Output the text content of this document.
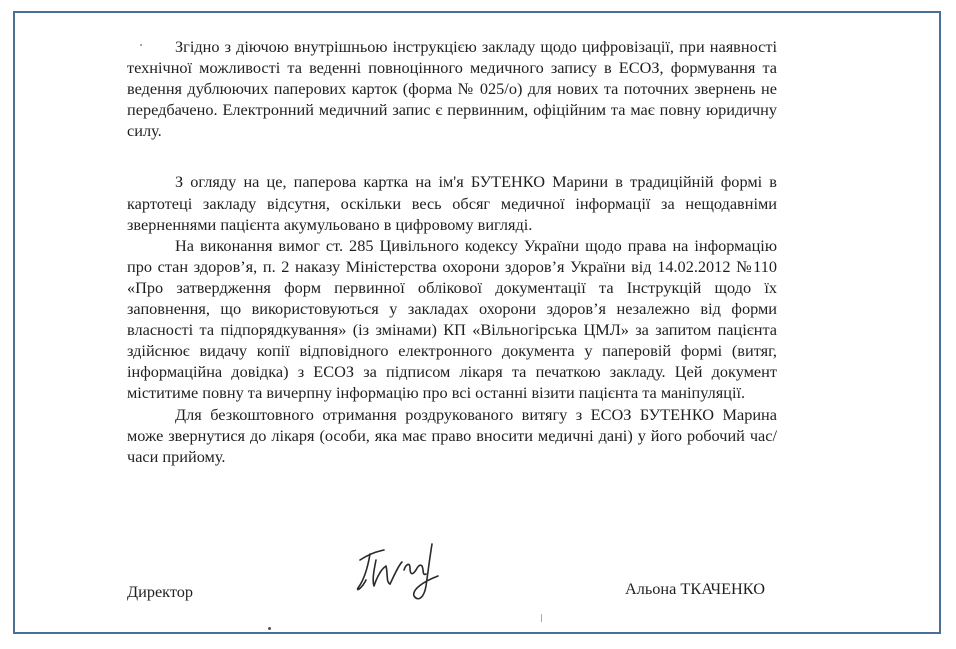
Згідно з діючою внутрішньою інструкцією закладу щодо цифровізації, при наявності технічної можливості та веденні повноцінного медичного запису в ЕСОЗ, формування та ведення дублюючих паперових карток (форма № 025/о) для нових та поточних звернень не передбачено. Електронний медичний запис є первинним, офіційним та має повну юридичну силу.

З огляду на це, паперова картка на ім'я БУТЕНКО Марини в традиційній формі в картотеці закладу відсутня, оскільки весь обсяг медичної інформації за нещодавніми зверненнями пацієнта акумульовано в цифровому вигляді.

На виконання вимог ст. 285 Цивільного кодексу України щодо права на інформацію про стан здоров’я, п. 2 наказу Міністерства охорони здоров’я України від 14.02.2012 №110 «Про затвердження форм первинної облікової документації та Інструкцій щодо їх заповнення, що використовуються у закладах охорони здоров’я незалежно від форми власності та підпорядкування» (із змінами) КП «Вільногірська ЦМЛ» за запитом пацієнта здійснює видачу копії відповідного електронного документа у паперовій формі (витяг, інформаційна довідка) з ЕСОЗ за підписом лікаря та печаткою закладу. Цей документ міститиме повну та вичерпну інформацію про всі останні візити пацієнта та маніпуляції.

Для безкоштовного отримання роздрукованого витягу з ЕСОЗ БУТЕНКО Марина може звернутися до лікаря (особи, яка має право вносити медичні дані) у його робочий час/часи прийому.

Директор	Альона ТКАЧЕНКО
